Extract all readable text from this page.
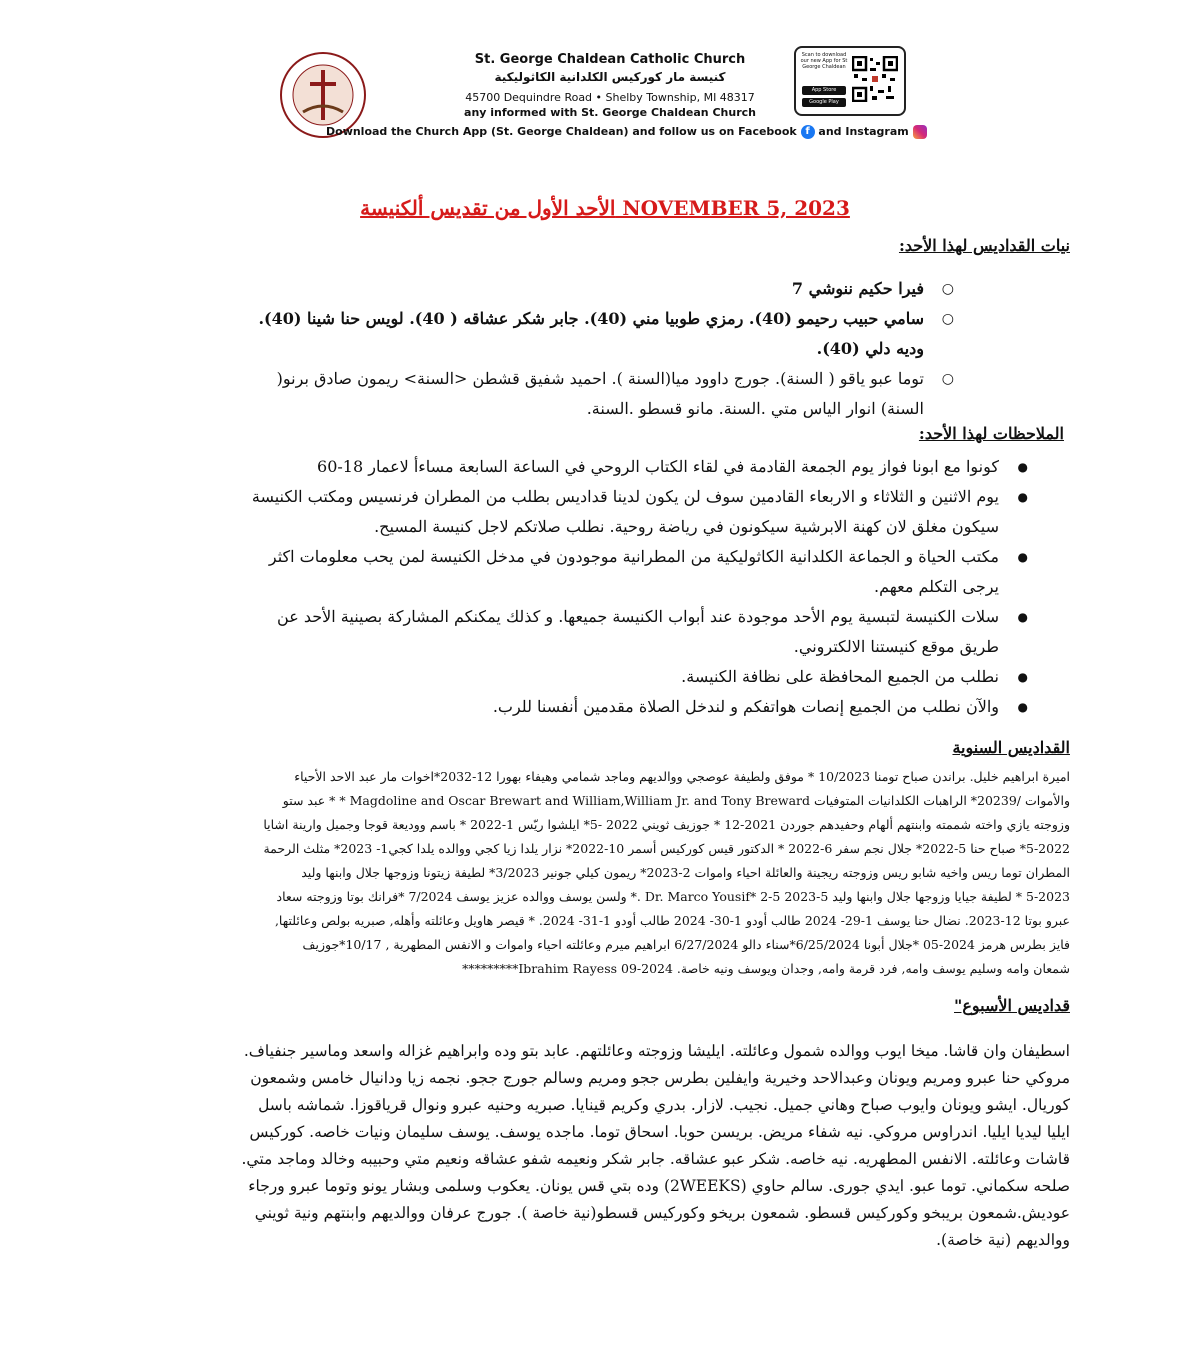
St. George Chaldean Catholic Church
كنيسة مار كوركيس الكلدانية الكاثوليكية
45700 Dequindre Road • Shelby Township, MI 48317
any informed with St. George Chaldean Church
Download the Church App (St. George Chaldean) and follow us on Facebook f and Instagram
Scan to download our new App for St George Chaldean
App Store
Google Play
الأحد الأول من تقديس ألكنيسة NOVEMBER 5, 2023
نيات القداديس لهذا الأحد:
○ فيرا حكيم ننوشي 7
○ سامي حبيب رحيمو (40). رمزي طوبيا مني (40). جابر شكر عشاقه ( 40). لويس حنا شينا (40). وديه دلي (40).
○ توما عبو ياقو ( السنة). جورج داوود ميا(السنة ). احميد شفيق قشطن <السنة> ريمون صادق برنو( السنة) انوار الياس متي .السنة. مانو قسطو .السنة.
الملاحظات لهذا الأحد:
● كونوا مع ابونا فواز يوم الجمعة القادمة في لقاء الكتاب الروحي في الساعة السابعة مساءأ لاعمار 18-60
● يوم الاثنين و الثلاثاء و الاربعاء القادمين سوف لن يكون لدينا قداديس بطلب من المطران فرنسيس ومكتب الكنيسة سيكون مغلق لان كهنة الابرشية سيكونون في رياضة روحية. نطلب صلاتكم لاجل كنيسة المسيح.
● مكتب الحياة و الجماعة الكلدانية الكاثوليكية من المطرانية موجودون في مدخل الكنيسة لمن يحب معلومات اكثر يرجى التكلم معهم.
● سلات الكنيسة لتبسية يوم الأحد موجودة عند أبواب الكنيسة جميعها. و كذلك يمكنكم المشاركة بصينية الأحد عن طريق موقع كنيستنا الالكتروني.
● نطلب من الجميع المحافظة على نظافة الكنيسة.
● والآن نطلب من الجميع إنصات هواتفكم و لندخل الصلاة مقدمين أنفسنا للرب.
القداديس السنوية
اميرة ابراهيم خليل. براندن صباح تومنا 10/2023 * موفق ولطيفة عوصجي ووالديهم وماجد شمامي وهيفاء بهورا 12-2032*اخوات مار عبد الاحد الأحياء
والأموات /20239* الراهبات الكلدانيات المتوفيات Magdoline and Oscar Brewart and William,William Jr. and Tony Breward * * عبد ستو
وزوجته يازي واخته شممته وابنتهم ألهام وحفيدهم جوردن 2021-12 * جوزيف ثويني 2022 -5* ايلشوا ريّس 1-2022 * باسم ووديعة قوجا وجميل وارينة اشايا
5-2022* صباح حنا 5-2022* جلال نجم سفر 6-2022 * الدكتور قيس كوركيس أسمر 10-2022* نزار يلدا زيا كجي ووالده يلدا كجي1- 2023* مثلث الرحمة
المطران توما ريس واخيه شابو ريس وزوجته ريجينة والعائلة احياء واموات 2-2023* ريمون كيلي جونير 3/2023* لطيفة زيتونا وزوجها جلال وابنها وليد
5-2023 * لطيفة جيايا وزوجها جلال وابنها وليد 5-2023 5-2 *Dr. Marco Yousif .* ولسن يوسف ووالده عزيز يوسف 7/2024 *فرانك بوتا وزوجته سعاد
عبرو بوتا 12-2023. نضال حنا يوسف 1-29- 2024 طالب أودو 1-30- 2024 طالب أودو 1-31- 2024. * قيصر هاويل وعائلته وأهله, صبريه بولص وعائلتها,
فايز بطرس هرمز 2024-05 *جلال أبونا 6/25/2024*سناء دالو 6/27/2024 ابراهيم ميرم وعائلته احياء واموات و الانفس المطهرية , 10/17*جوزيف
شمعان وامه وسليم يوسف وامه, فرد قرمة وامه, وجدان ويوسف ونيه خاصة. Ibrahim Rayess 09-2024*********
قداديس الأسبوع"
اسطيفان وان قاشا. ميخا ايوب ووالده شمول وعائلته. ايليشا وزوجته وعائلتهم. عابد بتو وده وابراهيم غزاله واسعد وماسير جنفياف.
مروكي حنا عبرو ومريم ويونان وعبدالاحد وخيرية وايفلين بطرس ججو ومريم وسالم جورج ججو. نجمه زيا ودانيال خامس وشمعون
كوريال. ايشو ويونان وايوب صباح وهاني جميل. نجيب. لازار. بدري وكريم قينايا. صبريه وحنيه عبرو ونوال قرياقوزا. شماشه باسل
ايليا ليديا ايليا. اندراوس مروكي. نيه شفاء مريض. بريسن حوبا. اسحاق توما. ماجده يوسف. يوسف سليمان ونيات خاصه. كوركيس
قاشات وعائلته. الانفس المطهريه. نيه خاصه. شكر عبو عشاقه. جابر شكر ونعيمه شفو عشاقه ونعيم متي وحبيبه وخالد وماجد متي.
صلحه سكماني. توما عبو. ايدي جورى. سالم حاوي (2WEEKS) وده بتي قس يونان. يعكوب وسلمى وبشار يونو وتوما عبرو ورجاء
عوديش.شمعون بريبخو وكوركيس قسطو. شمعون بريخو وكوركيس قسطو(نية خاصة ). جورج عرفان ووالديهم وابنتهم ونية ثويني
ووالديهم (نية خاصة).
